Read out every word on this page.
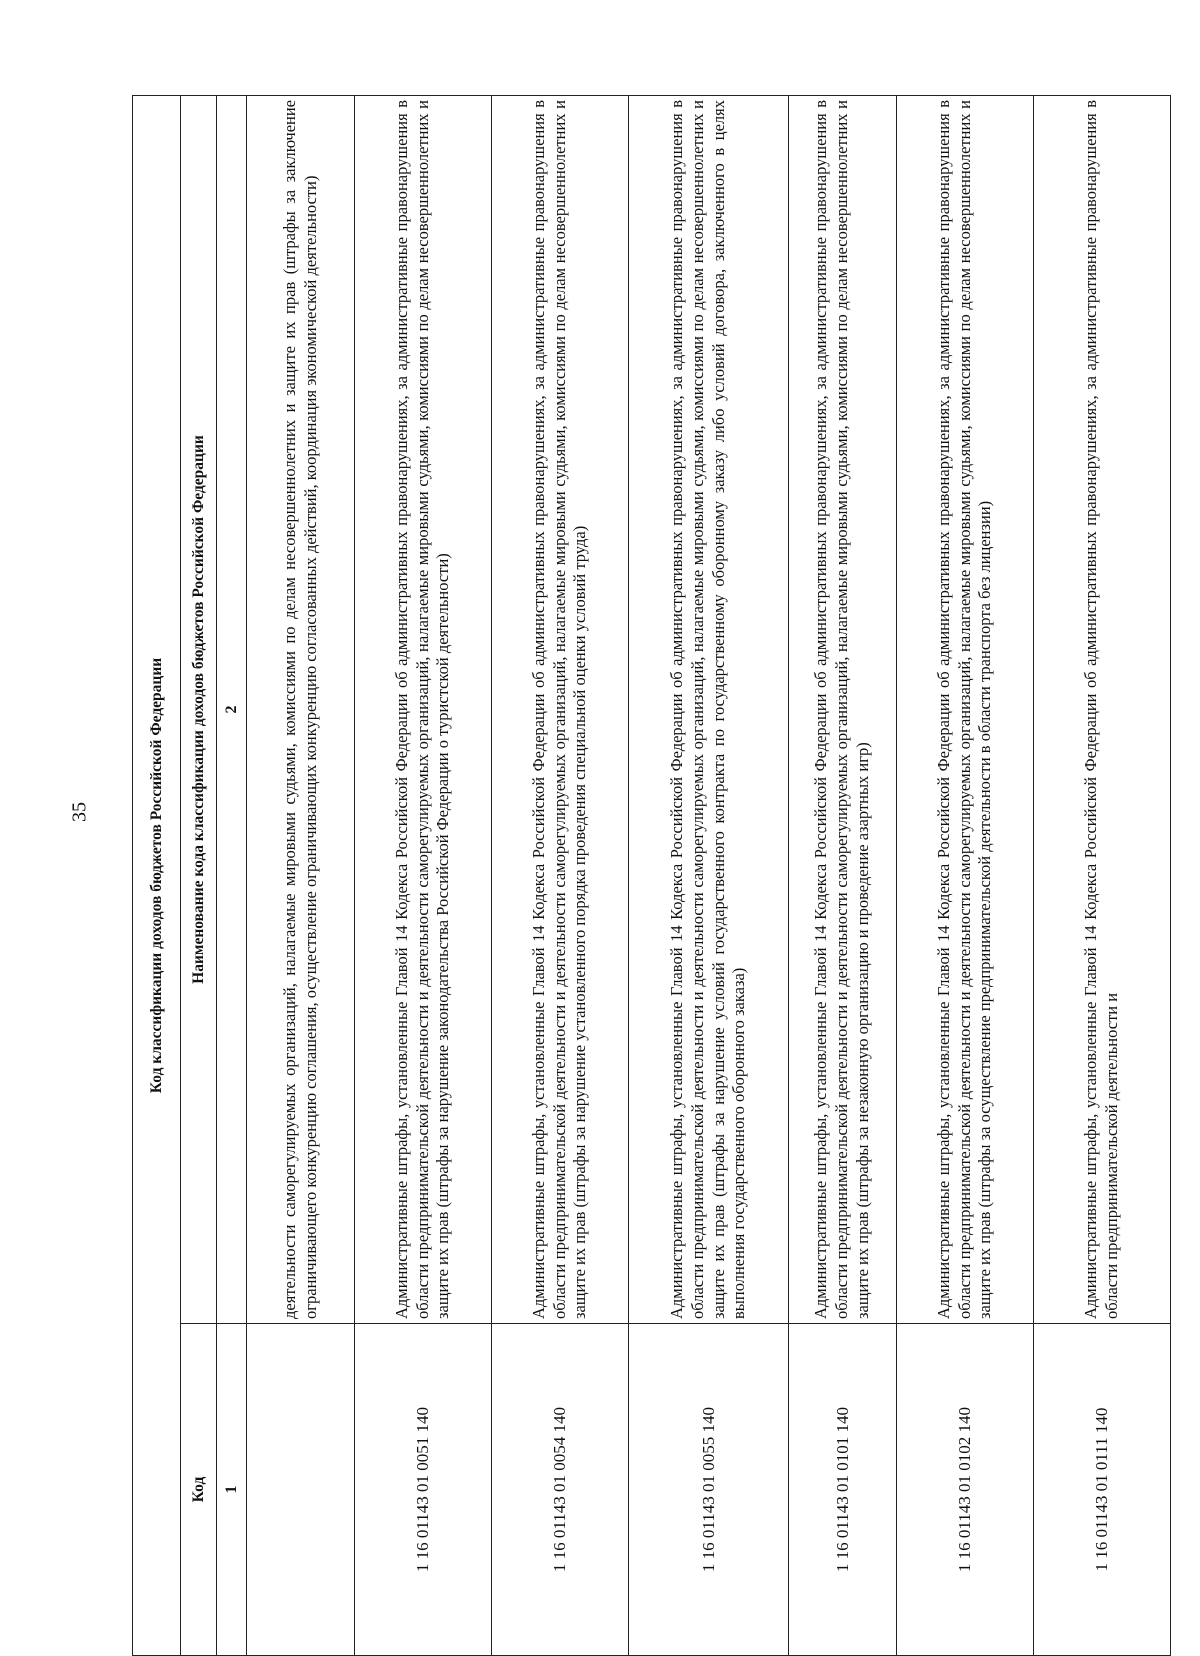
35	Код классификации доходов бюджетов Российской Федерации	
Код	Наименование кода классификации доходов бюджетов Российской Федерации
1	2
	деятельности саморегулируемых организаций, налагаемые мировыми судьями, комиссиями по делам несовершеннолетних и защите их прав (штрафы за заключение ограничивающего конкуренцию соглашения, осуществление ограничивающих конкуренцию согласованных действий, координация экономической деятельности)
1 16 01143 01 0051 140	Административные штрафы, установленные Главой 14 Кодекса Российской Федерации об административных правонарушениях, за административные правонарушения в области предпринимательской деятельности и деятельности саморегулируемых организаций, налагаемые мировыми судьями, комиссиями по делам несовершеннолетних и защите их прав (штрафы за нарушение законодательства Российской Федерации о туристской деятельности)
1 16 01143 01 0054 140	Административные штрафы, установленные Главой 14 Кодекса Российской Федерации об административных правонарушениях, за административные правонарушения в области предпринимательской деятельности и деятельности саморегулируемых организаций, налагаемые мировыми судьями, комиссиями по делам несовершеннолетних и защите их прав (штрафы за нарушение установленного порядка проведения специальной оценки условий труда)
1 16 01143 01 0055 140	Административные штрафы, установленные Главой 14 Кодекса Российской Федерации об административных правонарушениях, за административные правонарушения в области предпринимательской деятельности и деятельности саморегулируемых организаций, налагаемые мировыми судьями, комиссиями по делам несовершеннолетних и защите их прав (штрафы за нарушение условий государственного контракта по государственному оборонному заказу либо условий договора, заключенного в целях выполнения государственного оборонного заказа)
1 16 01143 01 0101 140	Административные штрафы, установленные Главой 14 Кодекса Российской Федерации об административных правонарушениях, за административные правонарушения в области предпринимательской деятельности и деятельности саморегулируемых организаций, налагаемые мировыми судьями, комиссиями по делам несовершеннолетних и защите их прав (штрафы за незаконную организацию и проведение азартных игр)
1 16 01143 01 0102 140	Административные штрафы, установленные Главой 14 Кодекса Российской Федерации об административных правонарушениях, за административные правонарушения в области предпринимательской деятельности и деятельности саморегулируемых организаций, налагаемые мировыми судьями, комиссиями по делам несовершеннолетних и защите их прав (штрафы за осуществление предпринимательской деятельности в области транспорта без лицензии)
1 16 01143 01 0111 140	Административные штрафы, установленные Главой 14 Кодекса Российской Федерации об административных правонарушениях, за административные правонарушения в области предпринимательской деятельности и
